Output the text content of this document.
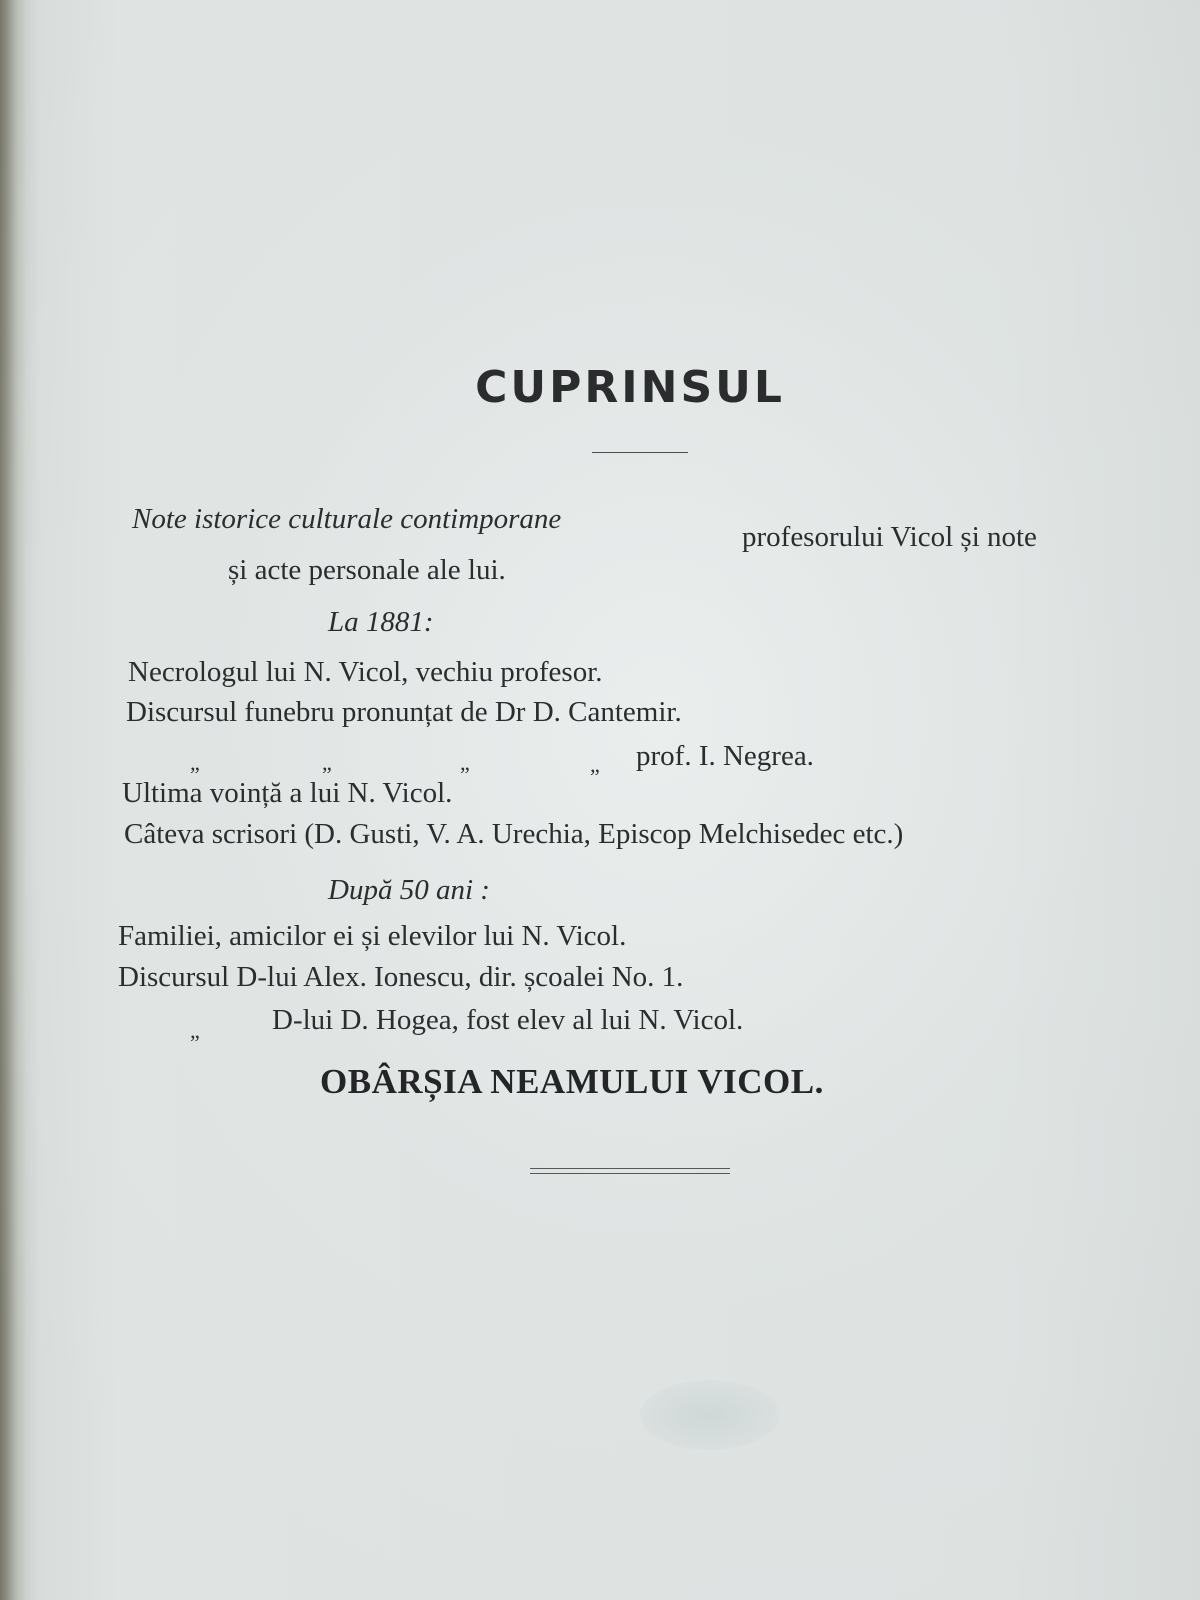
CUPRINSUL
Note istorice culturale contimporane
profesorului Vicol și note
și acte personale ale lui.
La 1881:
Necrologul lui N. Vicol, vechiu profesor.
Discursul funebru pronunțat de Dr D. Cantemir.
„	„	„	„ prof. I. Negrea.
Ultima voință a lui N. Vicol.
Câteva scrisori (D. Gusti, V. A. Urechia, Episcop Melchisedec etc.)
După 50 ani :
Familiei, amicilor ei și elevilor lui N. Vicol.
Discursul D-lui Alex. Ionescu, dir. școalei No. 1.
„ D-lui D. Hogea, fost elev al lui N. Vicol.
OBÂRȘIA NEAMULUI VICOL.
